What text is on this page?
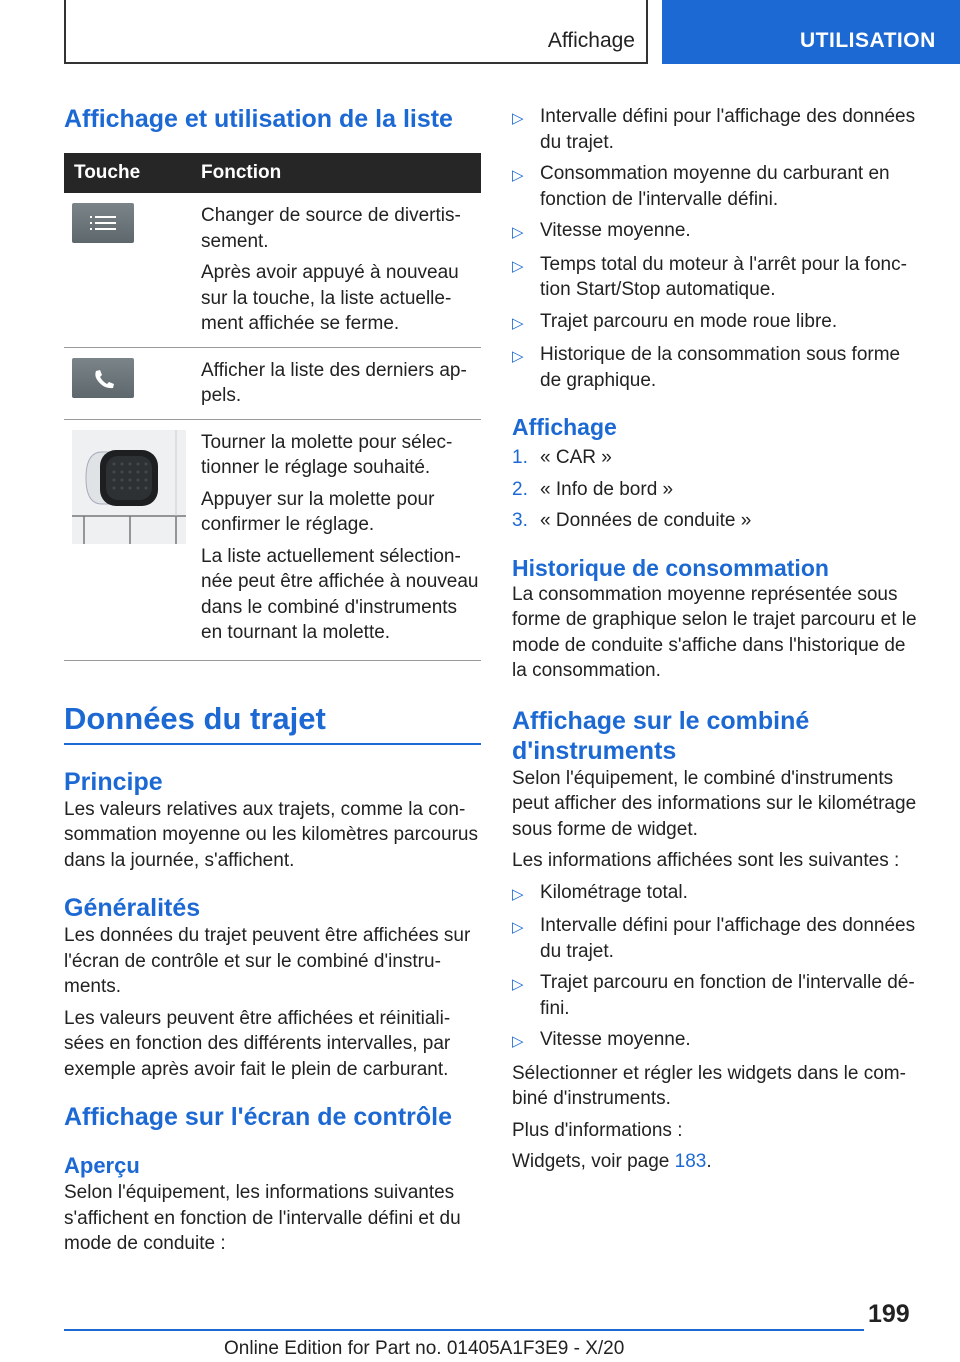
Affichage	UTILISATION
Affichage et utilisation de la liste
Touche	Fonction

Changer de source de divertissement.

Après avoir appuyé à nouveau sur la touche, la liste actuellement affichée se ferme.

Afficher la liste des derniers appels.

Tourner la molette pour sélectionner le réglage souhaité.

Appuyer sur la molette pour confirmer le réglage.

La liste actuellement sélectionnée peut être affichée à nouveau dans le combiné d'instruments en tournant la molette.

Données du trajet
Principe

Les valeurs relatives aux trajets, comme la consommation moyenne ou les kilomètres parcourus dans la journée, s'affichent.

Généralités

Les données du trajet peuvent être affichées sur l'écran de contrôle et sur le combiné d'instruments.

Les valeurs peuvent être affichées et réinitialisées en fonction des différents intervalles, par exemple après avoir fait le plein de carburant.

Affichage sur l'écran de contrôle
Aperçu

Selon l'équipement, les informations suivantes s'affichent en fonction de l'intervalle défini et du mode de conduite :

▷ Intervalle défini pour l'affichage des données du trajet.
▷ Consommation moyenne du carburant en fonction de l'intervalle défini.
▷ Vitesse moyenne.
▷ Temps total du moteur à l'arrêt pour la fonction Start/Stop automatique.
▷ Trajet parcouru en mode roue libre.
▷ Historique de la consommation sous forme de graphique.
Affichage
1. « CAR »
2. « Info de bord »
3. « Données de conduite »
Historique de consommation

La consommation moyenne représentée sous forme de graphique selon le trajet parcouru et le mode de conduite s'affiche dans l'historique de la consommation.

Affichage sur le combiné d'instruments

Selon l'équipement, le combiné d'instruments peut afficher des informations sur le kilométrage sous forme de widget.

Les informations affichées sont les suivantes :

▷ Kilométrage total.
▷ Intervalle défini pour l'affichage des données du trajet.
▷ Trajet parcouru en fonction de l'intervalle défini.
▷ Vitesse moyenne.

Sélectionner et régler les widgets dans le combiné d'instruments.

Plus d'informations :

Widgets, voir page 183.

199
Online Edition for Part no. 01405A1F3E9 - X/20
